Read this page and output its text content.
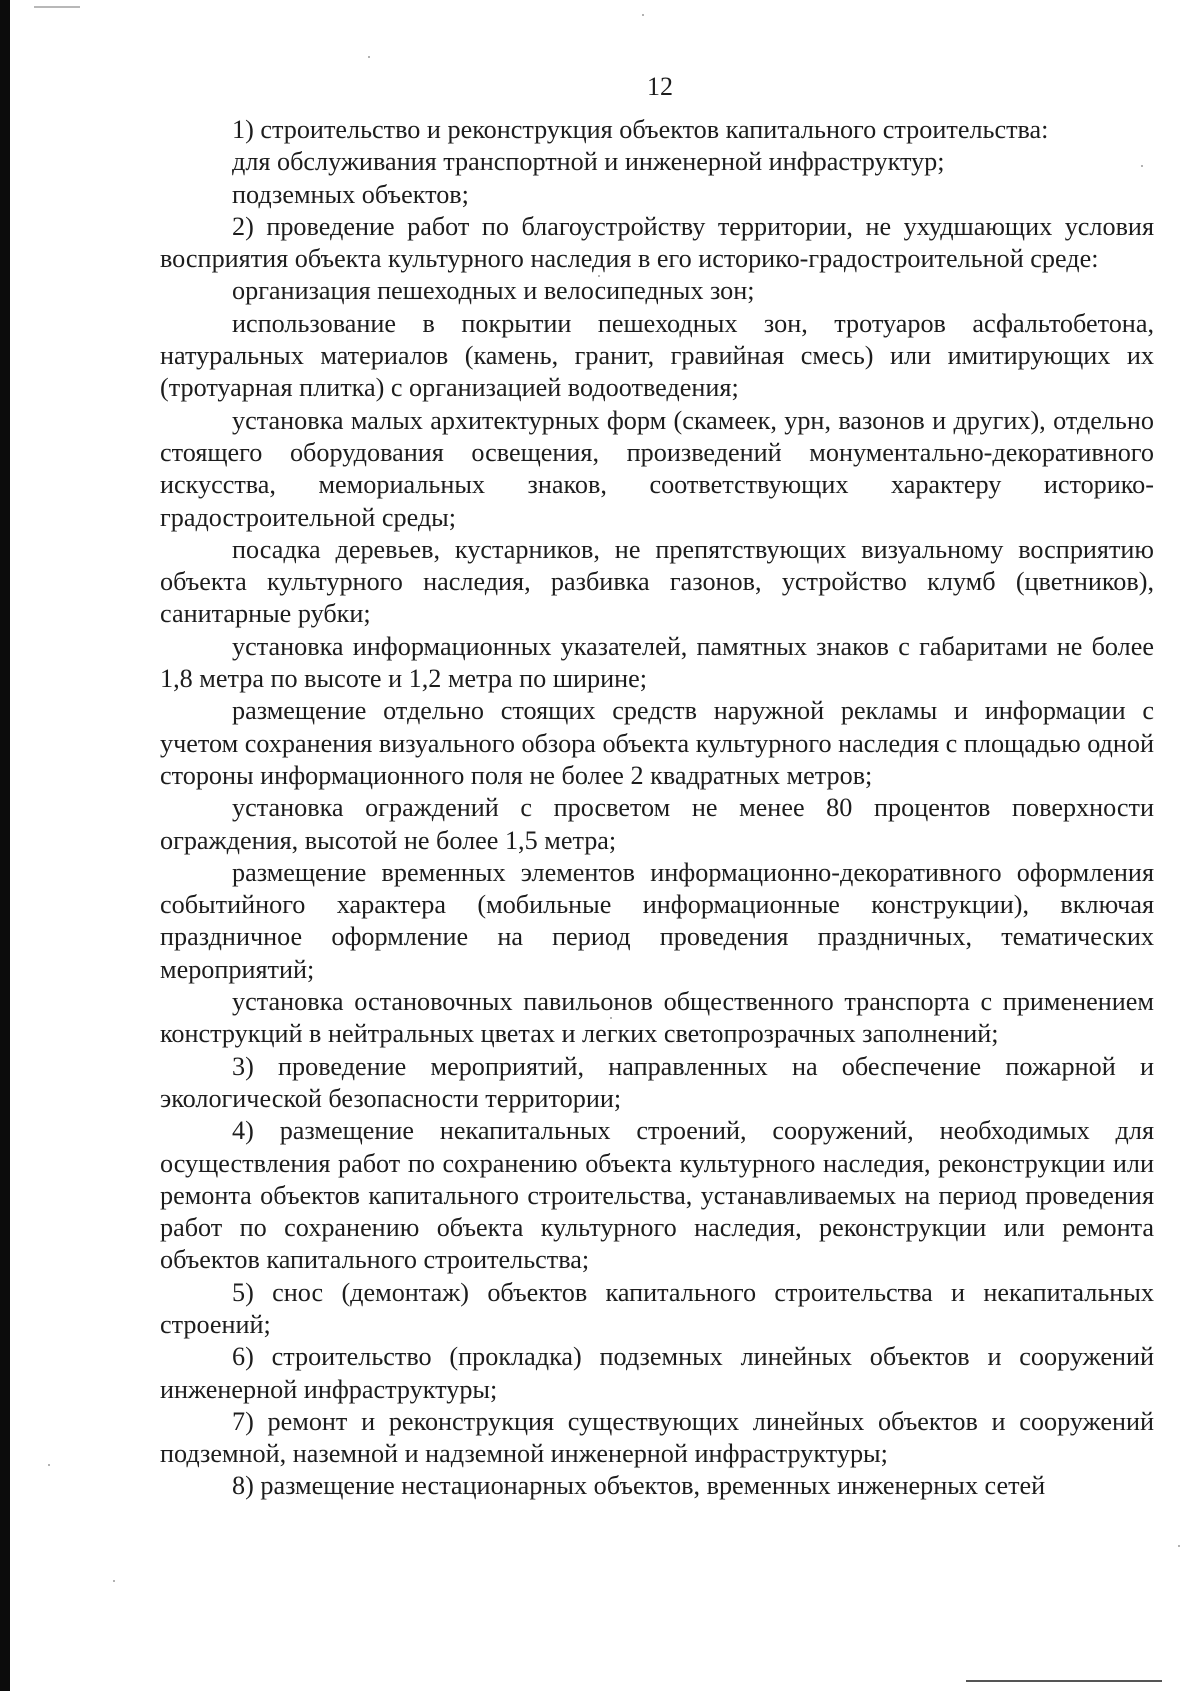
12

1) строительство и реконструкция объектов капитального строительства:

для обслуживания транспортной и инженерной инфраструктур;

подземных объектов;

2) проведение работ по благоустройству территории, не ухудшающих условия восприятия объекта культурного наследия в его историко-градостроительной среде:

организация пешеходных и велосипедных зон;

использование в покрытии пешеходных зон, тротуаров асфальтобетона, натуральных материалов (камень, гранит, гравийная смесь) или имитирующих их (тротуарная плитка) с организацией водоотведения;

установка малых архитектурных форм (скамеек, урн, вазонов и других), отдельно стоящего оборудования освещения, произведений монументально-декоративного искусства, мемориальных знаков, соответствующих характеру историко-градостроительной среды;

посадка деревьев, кустарников, не препятствующих визуальному восприятию объекта культурного наследия, разбивка газонов, устройство клумб (цветников), санитарные рубки;

установка информационных указателей, памятных знаков с габаритами не более 1,8 метра по высоте и 1,2 метра по ширине;

размещение отдельно стоящих средств наружной рекламы и информации с учетом сохранения визуального обзора объекта культурного наследия с площадью одной стороны информационного поля не более 2 квадратных метров;

установка ограждений с просветом не менее 80 процентов поверхности ограждения, высотой не более 1,5 метра;

размещение временных элементов информационно-декоративного оформления событийного характера (мобильные информационные конструкции), включая праздничное оформление на период проведения праздничных, тематических мероприятий;

установка остановочных павильонов общественного транспорта с применением конструкций в нейтральных цветах и легких светопрозрачных заполнений;

3) проведение мероприятий, направленных на обеспечение пожарной и экологической безопасности территории;

4) размещение некапитальных строений, сооружений, необходимых для осуществления работ по сохранению объекта культурного наследия, реконструкции или ремонта объектов капитального строительства, устанавливаемых на период проведения работ по сохранению объекта культурного наследия, реконструкции или ремонта объектов капитального строительства;

5) снос (демонтаж) объектов капитального строительства и некапитальных строений;

6) строительство (прокладка) подземных линейных объектов и сооружений инженерной инфраструктуры;

7) ремонт и реконструкция существующих линейных объектов и сооружений подземной, наземной и надземной инженерной инфраструктуры;

8) размещение нестационарных объектов, временных инженерных сетей
